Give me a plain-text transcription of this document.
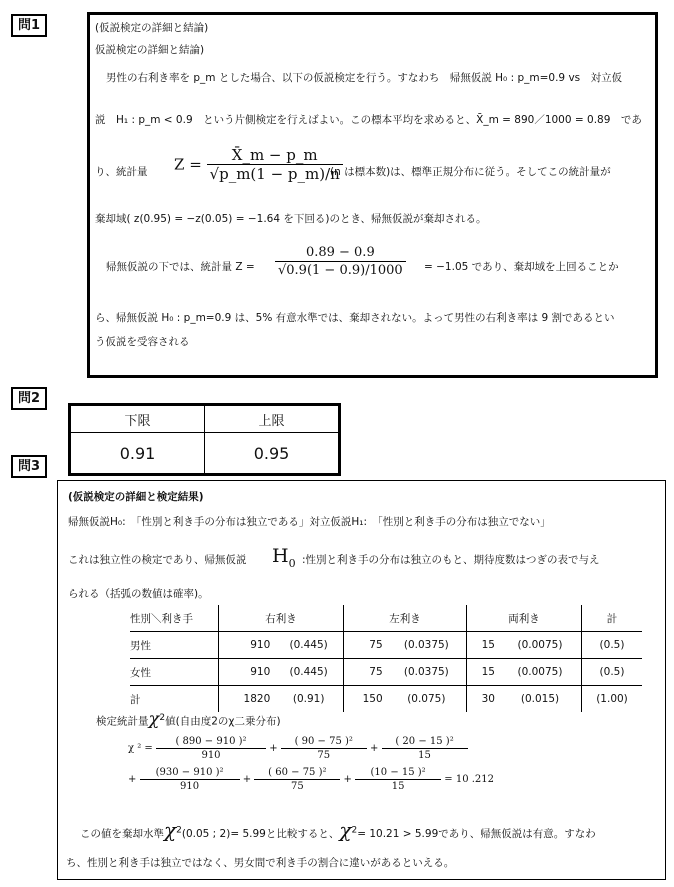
問1
問2
問3
(仮説検定の詳細と結論)
仮説検定の詳細と結論)
男性の右利き率を p_m とした場合、以下の仮説検定を行う。すなわち　帰無仮説 H₀ : p_m=0.9 vs　対立仮
説　H₁ : p_m < 0.9　という片側検定を行えばよい。この標本平均を求めると、X̄_m = 890／1000 = 0.89　であ
り、統計量 $Z = \frac{X̄\_m - p\_m}{√p\_m(1 - p\_m)/n}$
(n は標本数)は、標準正規分布に従う。そしてこの統計量が
棄却域( z(0.95) = −z(0.05) = −1.64 を下回る)のとき、帰無仮説が棄却される。
帰無仮説の下では、統計量 $Z = \frac{0.89 - 0.9}{√0.9(1 - 0.9)/1000} = -1.05$ であり、棄却域を上回ることか
ら、帰無仮説 H₀ : p_m=0.9 は、5% 有意水準では、棄却されない。よって男性の右利き率は 9 割であるとい
う仮説を受容される
下限	上限
0.91	0.95
(仮説検定の詳細と検定結果)
帰無仮説H₀:　「性別と利き手の分布は独立である」対立仮説H₁:　「性別と利き手の分布は独立でない」
これは独立性の検定であり、帰無仮説 $H_0$ :性別と利き手の分布は独立のもと、期待度数はつぎの表で与え
られる（括弧の数値は確率)。
性別＼利き手	右利き		左利き		両利き		計
男性	910	(0.445)	75	(0.0375)	15	(0.0075)	(0.5)
女性	910	(0.445)	75	(0.0375)	15	(0.0075)	(0.5)
計	1820	(0.91)	150	(0.075)	30	(0.015)	(1.00)
検定統計量$\chi^2$値(自由度2のχ二乗分布)
χ $^2 = \frac{\text{( 890 − 910 )²}}{910} + \frac{\text{( 90 − 75 )²}}{75} + \frac{\text{( 20 − 15 )²}}{15}$
+ $\frac{\text{(930 − 910 )²}}{910} + \frac{\text{( 60 − 75 )²}}{75} + \frac{\text{(10 − 15 )²}}{15} = 10$ .212
この値を棄却水準$\chi^2(0.05$ ; 2)= 5.99と比較すると、$\chi^2= 10.21 > 5.99$であり、帰無仮説は有意。すなわ
ち、性別と利き手は独立ではなく、男女間で利き手の割合に違いがあるといえる。
